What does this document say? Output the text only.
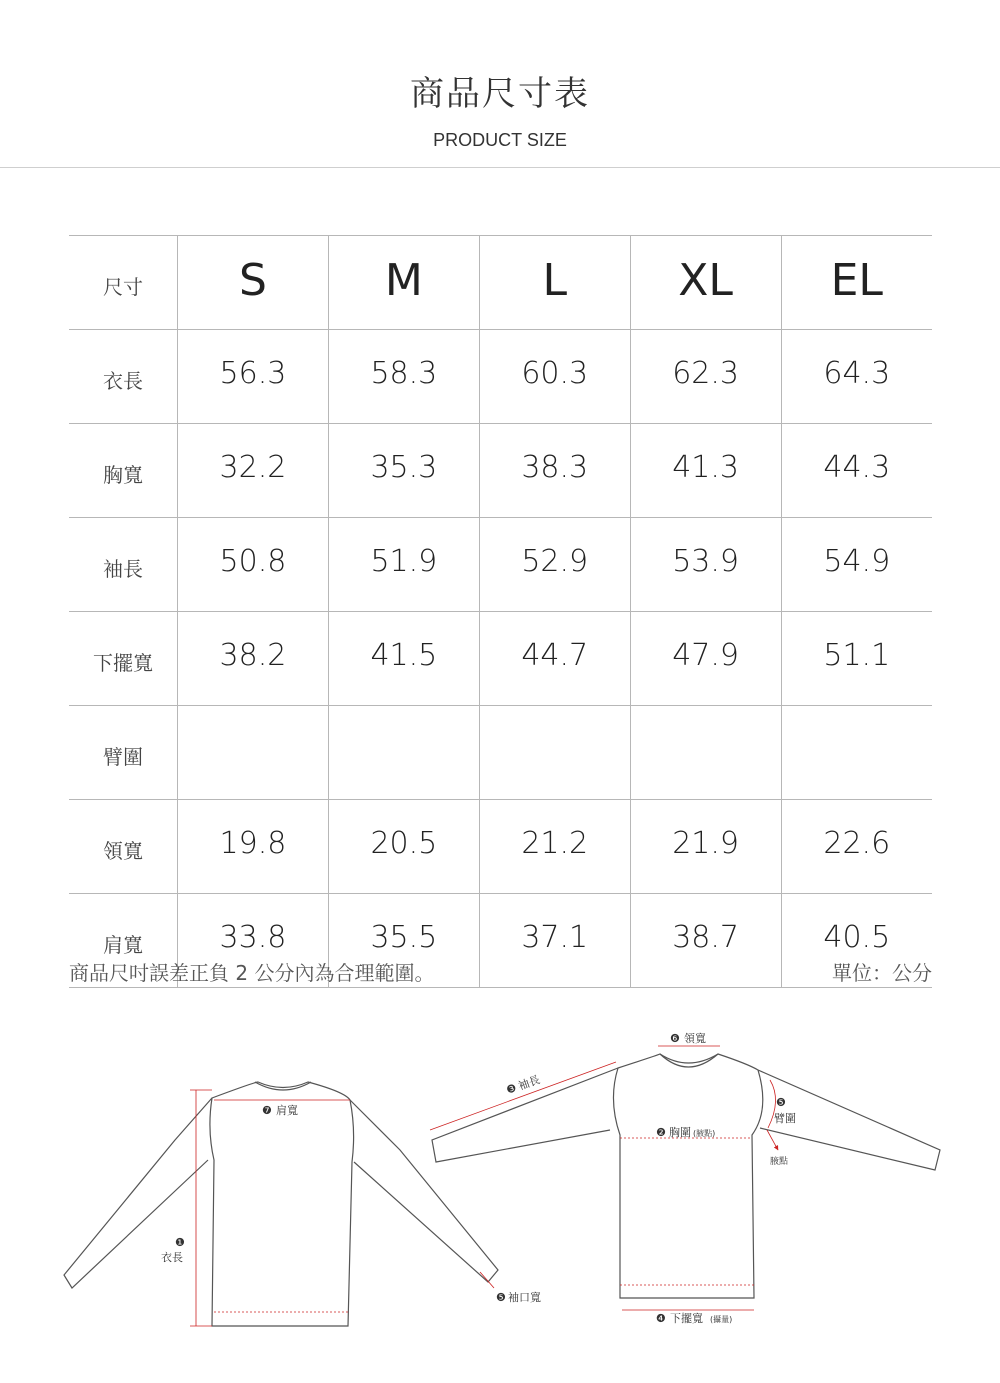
商品尺寸表
PRODUCT SIZE
尺寸	S	M	L	XL	EL
衣長	56.3	58.3	60.3	62.3	64.3
胸寬	32.2	35.3	38.3	41.3	44.3
袖長	50.8	51.9	52.9	53.9	54.9
下擺寬	38.2	41.5	44.7	47.9	51.1
臂圍					
領寬	19.8	20.5	21.2	21.9	22.6
肩寬	33.8	35.5	37.1	38.7	40.5
商品尺吋誤差正負 2 公分內為合理範圍。	單位：公分
❼ 肩寬
❶
衣長
❺ 袖口寬
❸
袖長
❻ 領寬
❷ 胸圍 (腋點)
❺
臂圍
腋點
❹ 下擺寬 (攝量)
